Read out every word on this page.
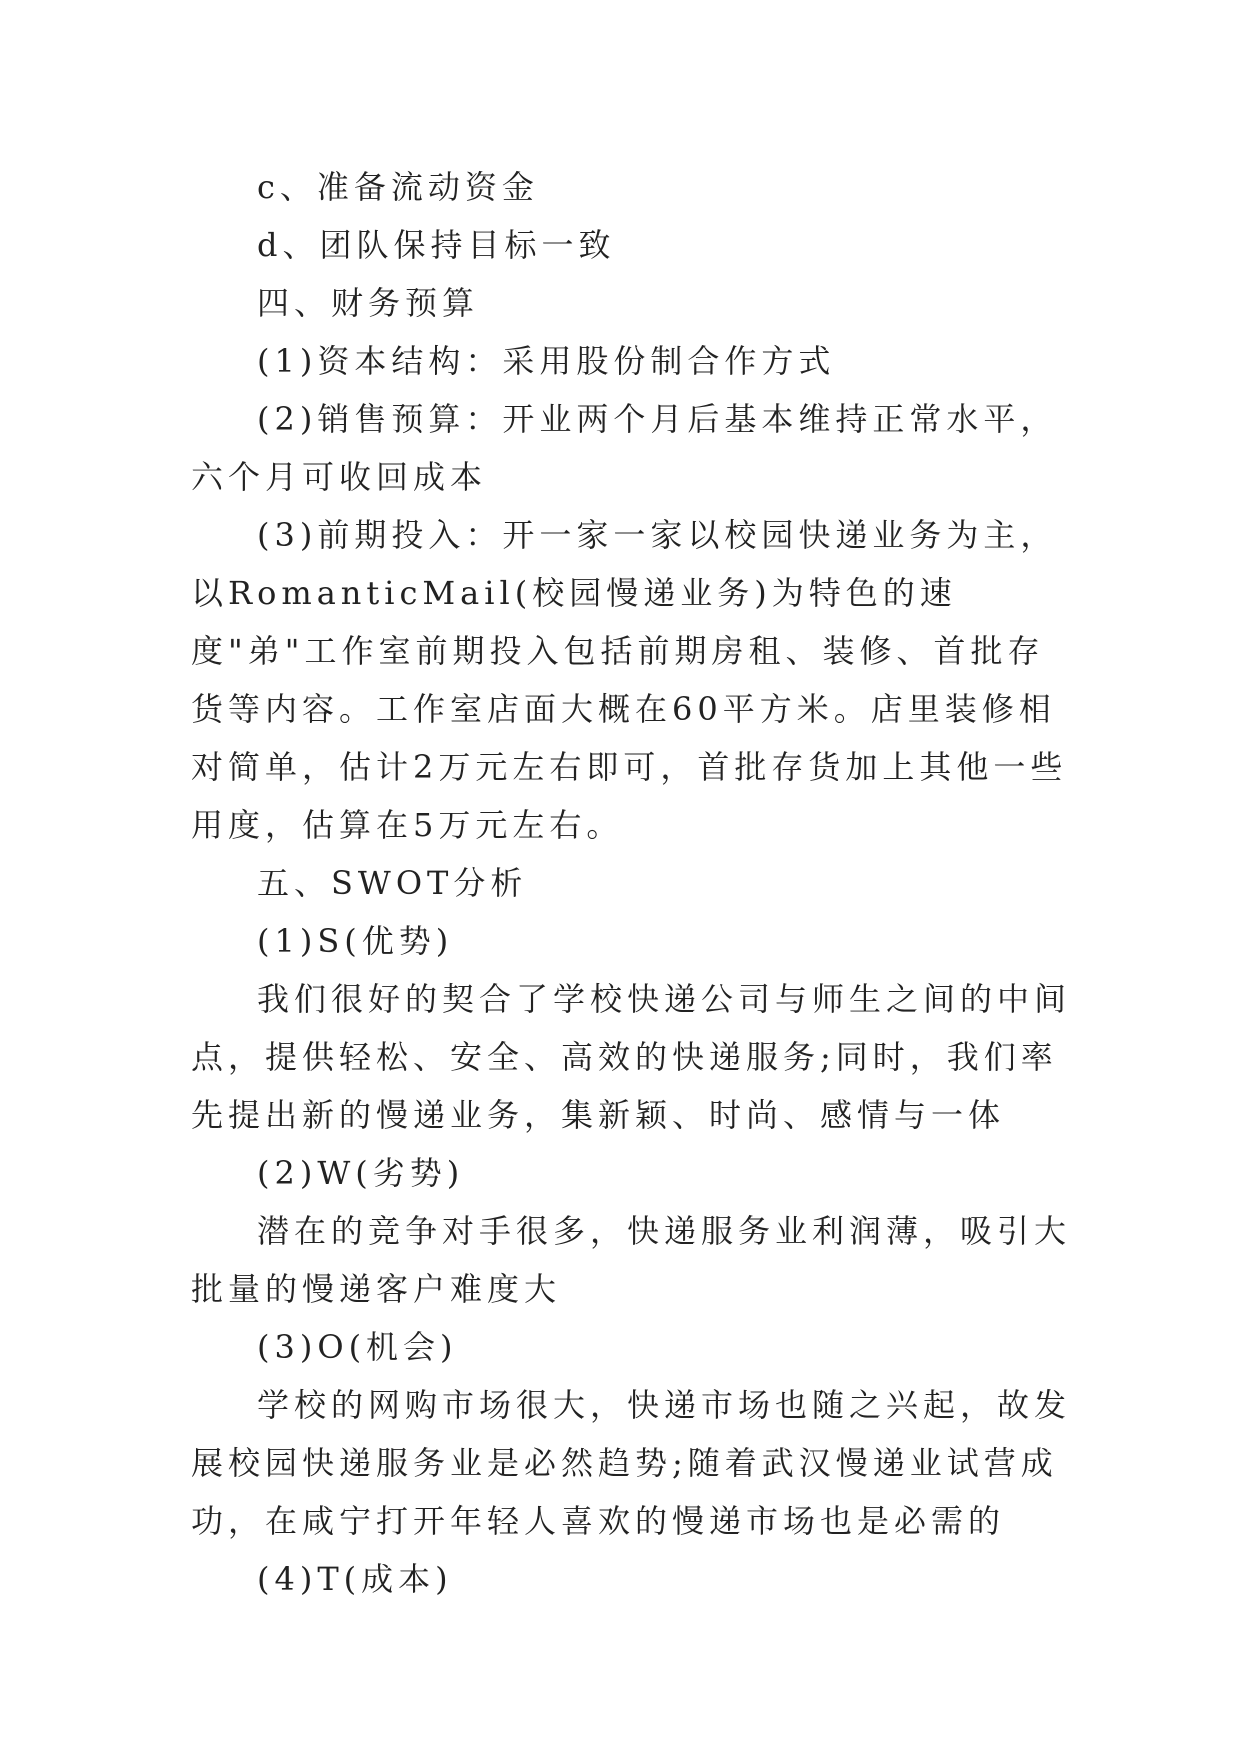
c、准备流动资金

d、团队保持目标一致

四、财务预算

(1)资本结构：采用股份制合作方式

(2)销售预算：开业两个月后基本维持正常水平，六个月可收回成本

(3)前期投入：开一家一家以校园快递业务为主，以RomanticMail(校园慢递业务)为特色的速度"弟"工作室前期投入包括前期房租、装修、首批存货等内容。工作室店面大概在60平方米。店里装修相对简单，估计2万元左右即可，首批存货加上其他一些用度，估算在5万元左右。

五、SWOT分析

(1)S(优势)

我们很好的契合了学校快递公司与师生之间的中间点，提供轻松、安全、高效的快递服务;同时，我们率先提出新的慢递业务，集新颖、时尚、感情与一体

(2)W(劣势)

潜在的竞争对手很多，快递服务业利润薄，吸引大批量的慢递客户难度大

(3)O(机会)

学校的网购市场很大，快递市场也随之兴起，故发展校园快递服务业是必然趋势;随着武汉慢递业试营成功，在咸宁打开年轻人喜欢的慢递市场也是必需的

(4)T(成本)
